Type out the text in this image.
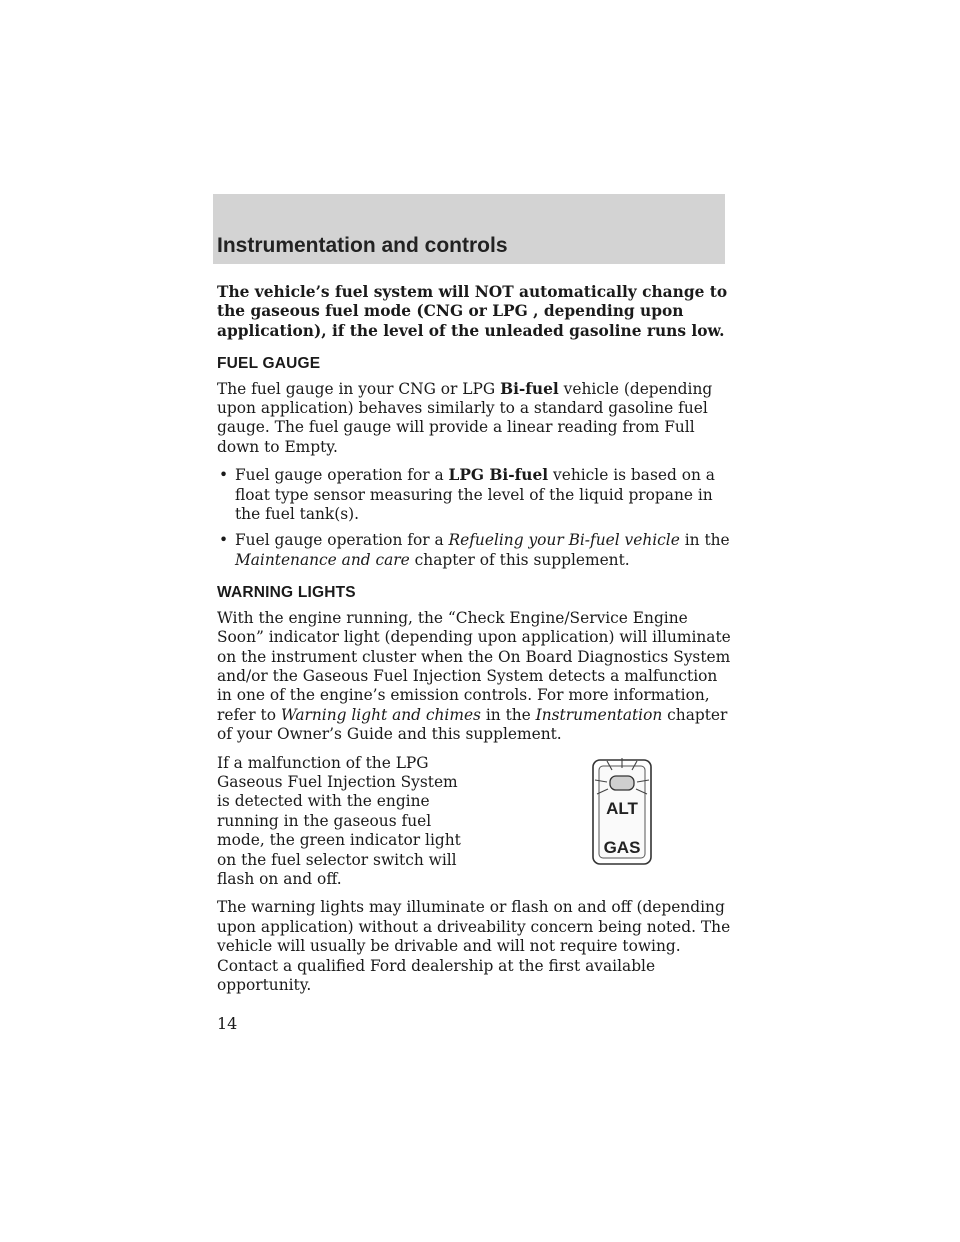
Instrumentation and controls

The vehicle’s fuel system will NOT automatically change to the gaseous fuel mode (CNG or LPG , depending upon application), if the level of the unleaded gasoline runs low.

FUEL GAUGE

The fuel gauge in your CNG or LPG Bi-fuel vehicle (depending upon application) behaves similarly to a standard gasoline fuel gauge. The fuel gauge will provide a linear reading from Full down to Empty.

• Fuel gauge operation for a LPG Bi-fuel vehicle is based on a float type sensor measuring the level of the liquid propane in the fuel tank(s).
• Fuel gauge operation for a Refueling your Bi-fuel vehicle in the Maintenance and care chapter of this supplement.
WARNING LIGHTS

With the engine running, the “Check Engine/Service Engine Soon” indicator light (depending upon application) will illuminate on the instrument cluster when the On Board Diagnostics System and/or the Gaseous Fuel Injection System detects a malfunction in one of the engine’s emission controls. For more information, refer to Warning light and chimes in the Instrumentation chapter of your Owner’s Guide and this supplement.

If a malfunction of the LPG Gaseous Fuel Injection System is detected with the engine running in the gaseous fuel mode, the green indicator light on the fuel selector switch will flash on and off.

ALT
GAS

The warning lights may illuminate or flash on and off (depending upon application) without a driveability concern being noted. The vehicle will usually be drivable and will not require towing. Contact a qualified Ford dealership at the first available opportunity.

14
